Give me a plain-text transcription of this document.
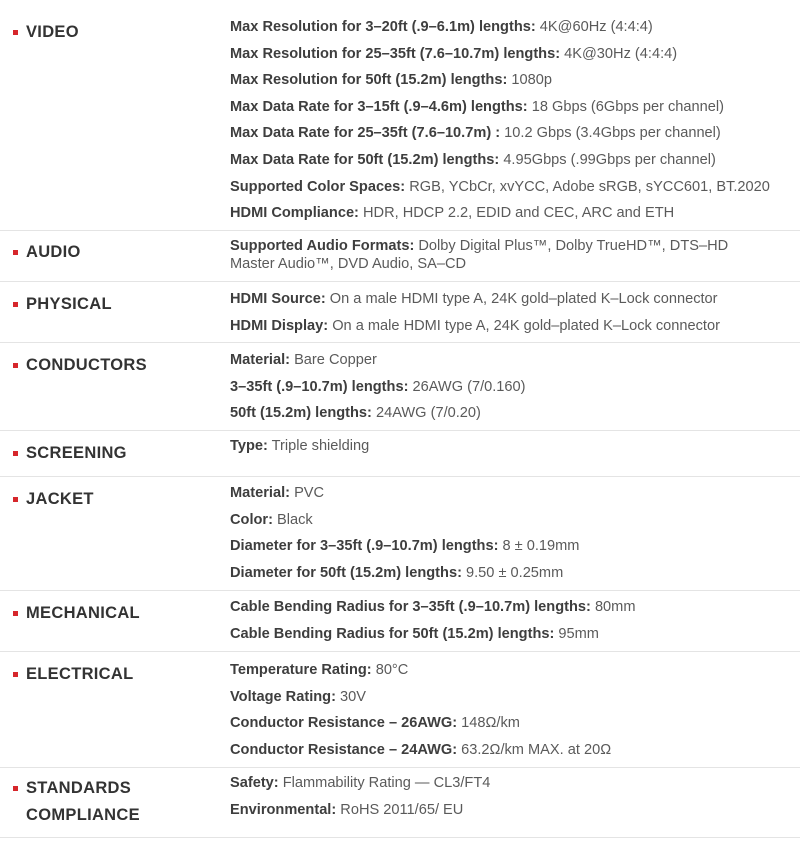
VIDEO	Max Resolution for 3–20ft (.9–6.1m) lengths: 4K@60Hz (4:4:4)
Max Resolution for 25–35ft (7.6–10.7m) lengths: 4K@30Hz (4:4:4)
Max Resolution for 50ft (15.2m) lengths: 1080p
Max Data Rate for 3–15ft (.9–4.6m) lengths: 18 Gbps (6Gbps per channel)
Max Data Rate for 25–35ft (7.6–10.7m) : 10.2 Gbps (3.4Gbps per channel)
Max Data Rate for 50ft (15.2m) lengths: 4.95Gbps (.99Gbps per channel)
Supported Color Spaces: RGB, YCbCr, xvYCC, Adobe sRGB, sYCC601, BT.2020
HDMI Compliance: HDR, HDCP 2.2, EDID and CEC, ARC and ETH
AUDIO	Supported Audio Formats: Dolby Digital Plus™, Dolby TrueHD™, DTS–HD Master Audio™, DVD Audio, SA–CD
PHYSICAL	HDMI Source: On a male HDMI type A, 24K gold–plated K–Lock connector
HDMI Display: On a male HDMI type A, 24K gold–plated K–Lock connector
CONDUCTORS	Material: Bare Copper
3–35ft (.9–10.7m) lengths: 26AWG (7/0.160)
50ft (15.2m) lengths: 24AWG (7/0.20)
SCREENING	Type: Triple shielding
JACKET	Material: PVC
Color: Black
Diameter for 3–35ft (.9–10.7m) lengths: 8 ± 0.19mm
Diameter for 50ft (15.2m) lengths: 9.50 ± 0.25mm
MECHANICAL	Cable Bending Radius for 3–35ft (.9–10.7m) lengths: 80mm
Cable Bending Radius for 50ft (15.2m) lengths: 95mm
ELECTRICAL	Temperature Rating: 80°C
Voltage Rating: 30V
Conductor Resistance – 26AWG: 148Ω/km
Conductor Resistance – 24AWG: 63.2Ω/km MAX. at 20Ω
STANDARDS
COMPLIANCE
Safety: Flammability Rating — CL3/FT4
Environmental: RoHS 2011/65/ EU
